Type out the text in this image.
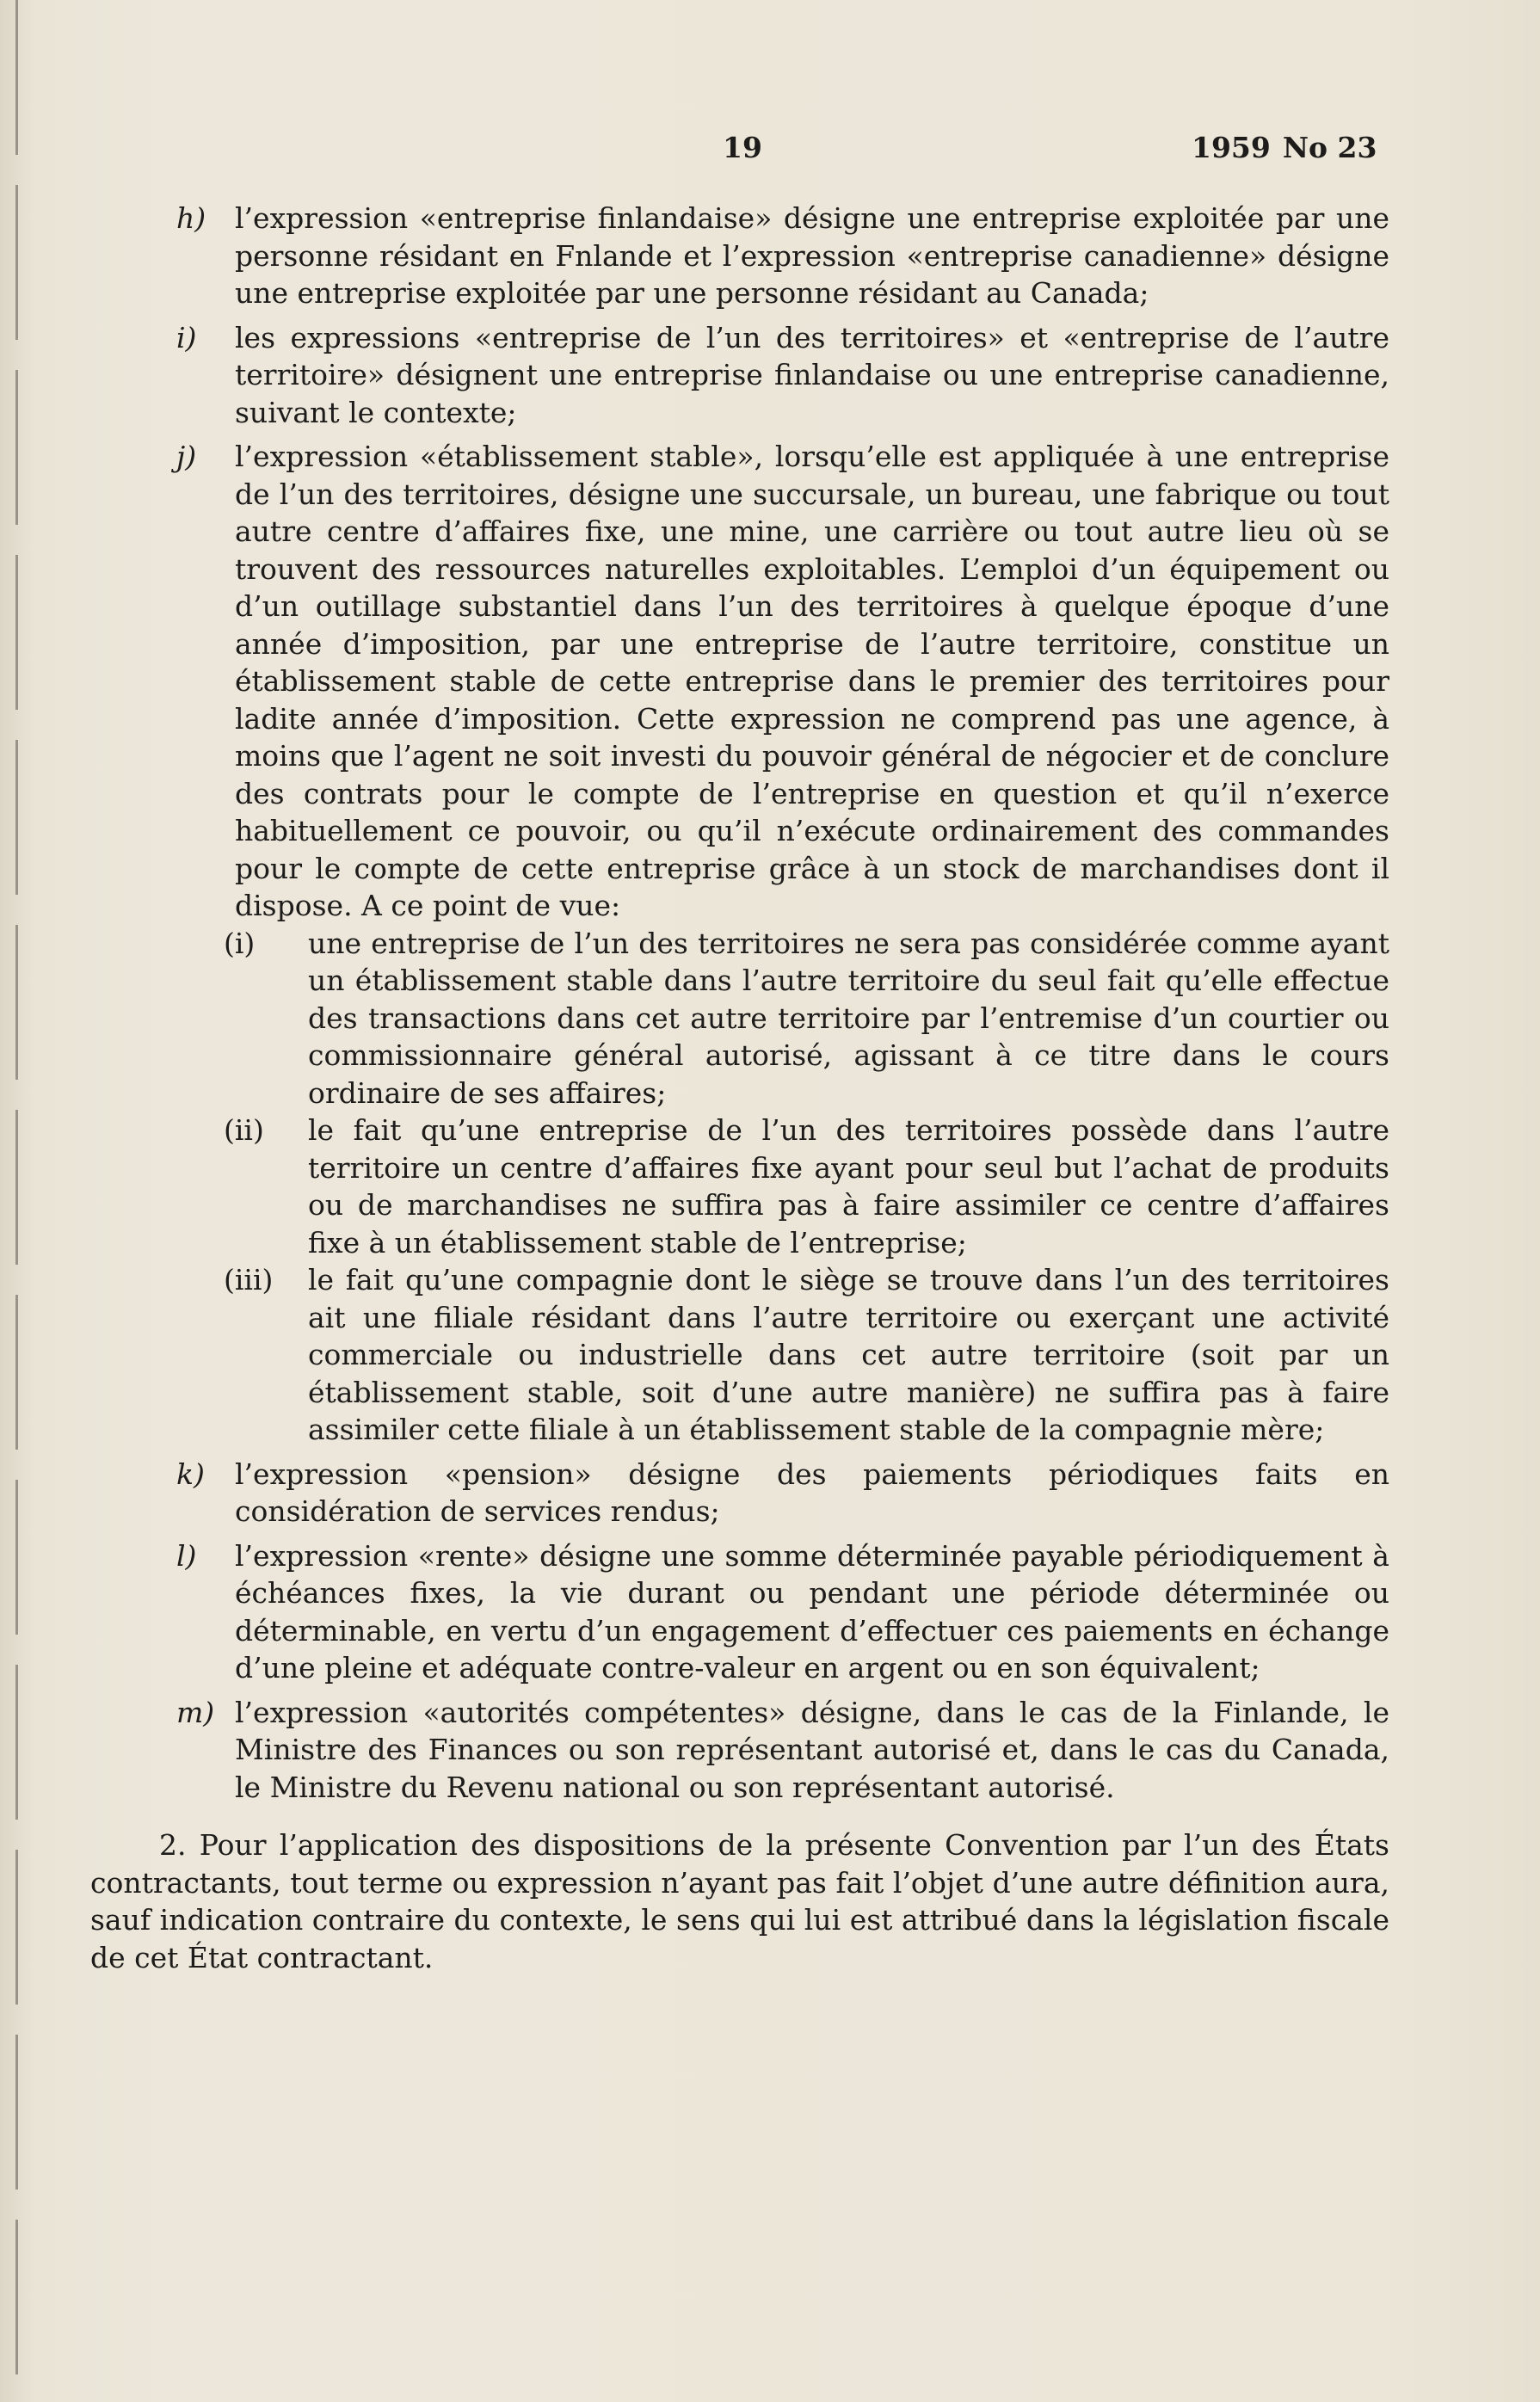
19	1959 No 23
h) l’expression «entreprise finlandaise» désigne une entreprise exploitée par une personne résidant en Fnlande et l’expression «entreprise canadienne» désigne une entreprise exploitée par une personne résidant au Canada;

i) les expressions «entreprise de l’un des territoires» et «entreprise de l’autre territoire» désignent une entreprise finlandaise ou une entreprise canadienne, suivant le contexte;

j) l’expression «établissement stable», lorsqu’elle est appliquée à une entreprise de l’un des territoires, désigne une succursale, un bureau, une fabrique ou tout autre centre d’affaires fixe, une mine, une carrière ou tout autre lieu où se trouvent des ressources naturelles exploitables. L’emploi d’un équipement ou d’un outillage substantiel dans l’un des territoires à quelque époque d’une année d’imposition, par une entreprise de l’autre territoire, constitue un établissement stable de cette entreprise dans le premier des territoires pour ladite année d’imposition. Cette expression ne comprend pas une agence, à moins que l’agent ne soit investi du pouvoir général de négocier et de conclure des contrats pour le compte de l’entreprise en question et qu’il n’exerce habituellement ce pouvoir, ou qu’il n’exécute ordinairement des commandes pour le compte de cette entreprise grâce à un stock de marchandises dont il dispose. A ce point de vue:

(i) une entreprise de l’un des territoires ne sera pas considérée comme ayant un établissement stable dans l’autre territoire du seul fait qu’elle effectue des transactions dans cet autre territoire par l’entremise d’un courtier ou commissionnaire général autorisé, agissant à ce titre dans le cours ordinaire de ses affaires;

(ii) le fait qu’une entreprise de l’un des territoires possède dans l’autre territoire un centre d’affaires fixe ayant pour seul but l’achat de produits ou de marchandises ne suffira pas à faire assimiler ce centre d’affaires fixe à un établissement stable de l’entreprise;

(iii) le fait qu’une compagnie dont le siège se trouve dans l’un des territoires ait une filiale résidant dans l’autre territoire ou exerçant une activité commerciale ou industrielle dans cet autre territoire (soit par un établissement stable, soit d’une autre manière) ne suffira pas à faire assimiler cette filiale à un établissement stable de la compagnie mère;

k) l’expression «pension» désigne des paiements périodiques faits en considération de services rendus;

l) l’expression «rente» désigne une somme déterminée payable périodiquement à échéances fixes, la vie durant ou pendant une période déterminée ou déterminable, en vertu d’un engagement d’effectuer ces paiements en échange d’une pleine et adéquate contre-valeur en argent ou en son équivalent;

m) l’expression «autorités compétentes» désigne, dans le cas de la Finlande, le Ministre des Finances ou son représentant autorisé et, dans le cas du Canada, le Ministre du Revenu national ou son représentant autorisé.

2. Pour l’application des dispositions de la présente Convention par l’un des États contractants, tout terme ou expression n’ayant pas fait l’objet d’une autre définition aura, sauf indication contraire du contexte, le sens qui lui est attribué dans la législation fiscale de cet État contractant.
